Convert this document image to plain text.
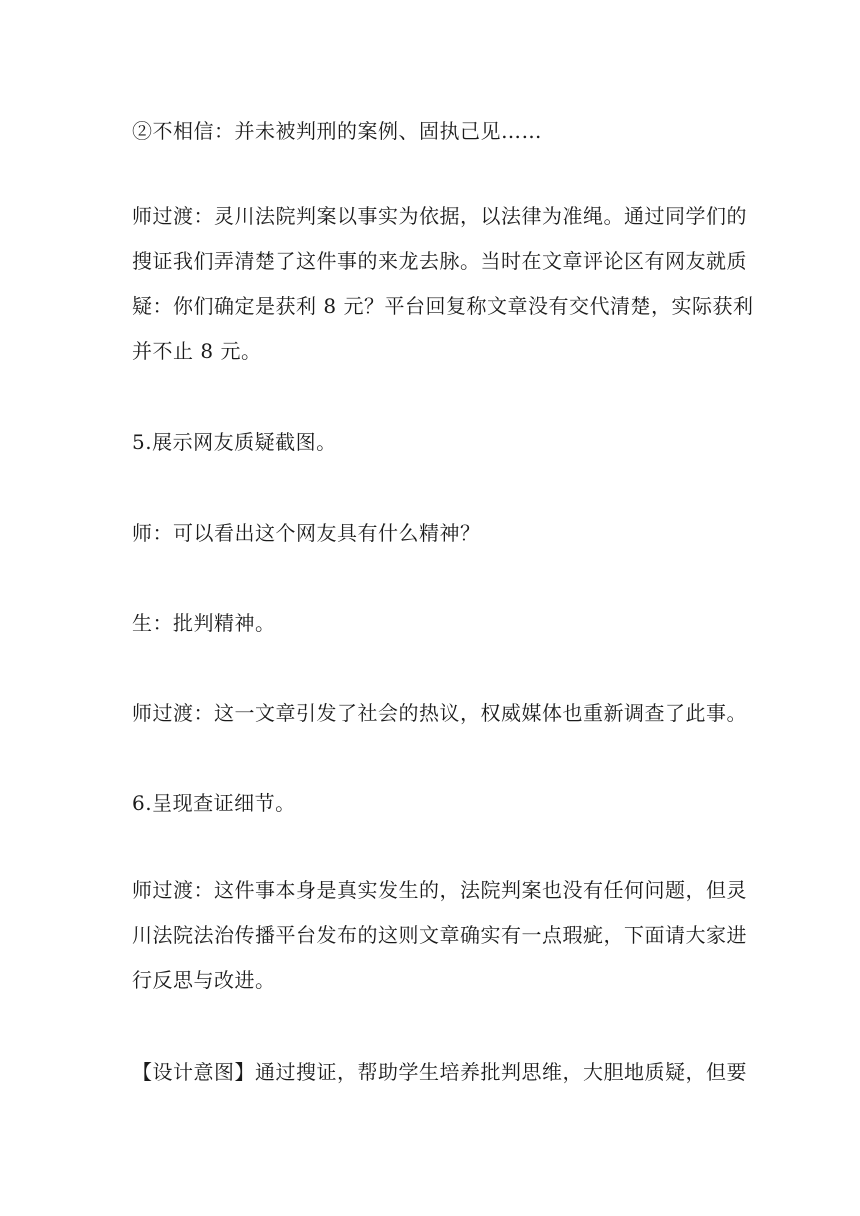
②不相信：并未被判刑的案例、固执己见……

师过渡：灵川法院判案以事实为依据，以法律为准绳。通过同学们的
搜证我们弄清楚了这件事的来龙去脉。当时在文章评论区有网友就质
疑：你们确定是获利 8 元？平台回复称文章没有交代清楚，实际获利
并不止 8 元。

5.展示网友质疑截图。

师：可以看出这个网友具有什么精神？

生：批判精神。

师过渡：这一文章引发了社会的热议，权威媒体也重新调查了此事。

6.呈现查证细节。

师过渡：这件事本身是真实发生的，法院判案也没有任何问题，但灵
川法院法治传播平台发布的这则文章确实有一点瑕疵，下面请大家进
行反思与改进。

【设计意图】通过搜证，帮助学生培养批判思维，大胆地质疑，但要
